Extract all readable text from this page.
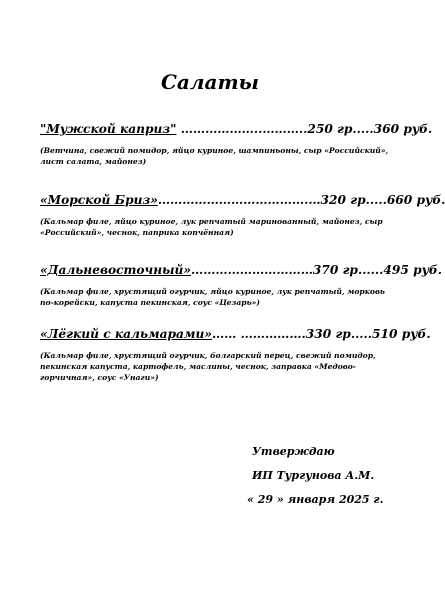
Салаты
"Мужской каприз" ………………..………..250 гр.....360 руб.
(Ветчина, свежий помидор, яйцо куриное, шампиньоны, сыр «Российский», лист салата, майонез)
«Морской Бриз»……………………………….…320 гр.....660 руб.
(Кальмар филе, яйцо куриное, лук репчатый маринованный, майонез, сыр «Российский», чеснок, паприка копчённая)
«Дальневосточный»…………………………370 гр......495 руб.
(Кальмар филе, хрустящий огурчик, яйцо куриное, лук репчатый, морковь по-корейски, капуста пекинская, соус «Цезарь»)
«Лёгкий с кальмарами»…… …………….330 гр.....510 руб.
(Кальмар филе, хрустящий огурчик, болгарский перец, свежий помидор, пекинская капуста, картофель, маслины, чеснок, заправка «Медово-горчичная», соус «Унаги»)
Утверждаю
ИП Тургунова А.М.
« 29 » января 2025 г.
